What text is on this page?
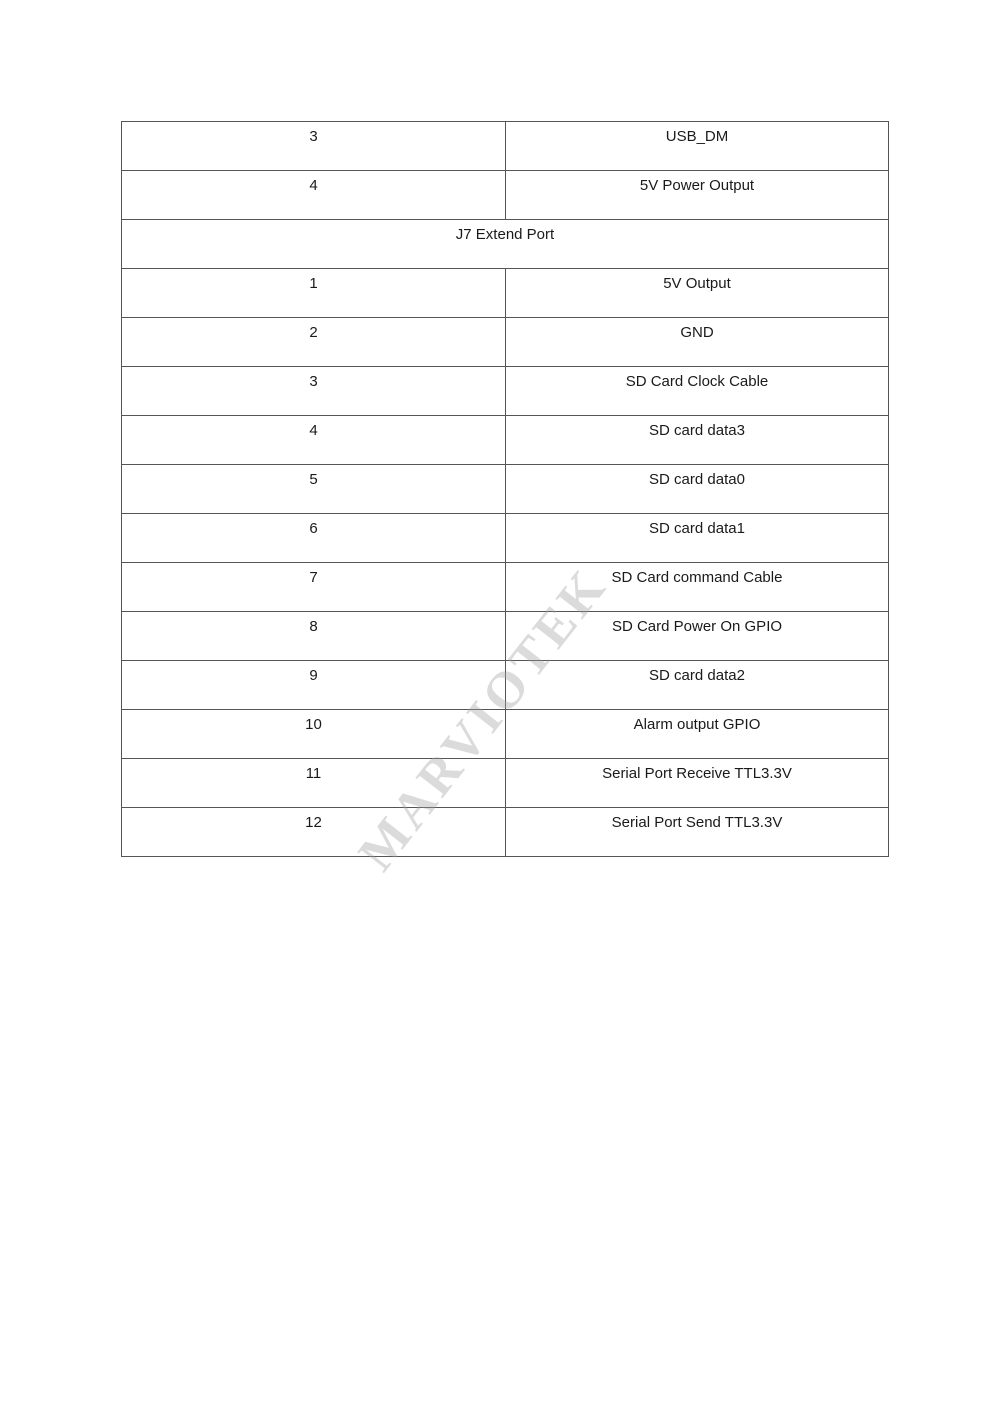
3	USB_DM

4	5V Power Output

J7 Extend Port	

1	5V Output

2	GND

3	SD Card Clock Cable

4	SD card data3

5	SD card data0

6	SD card data1

7	SD Card command Cable

8	SD Card Power On GPIO

9	SD card data2

10	Alarm output GPIO

11	Serial Port Receive TTL3.3V

12	Serial Port Send TTL3.3V
MARVIOTEK
